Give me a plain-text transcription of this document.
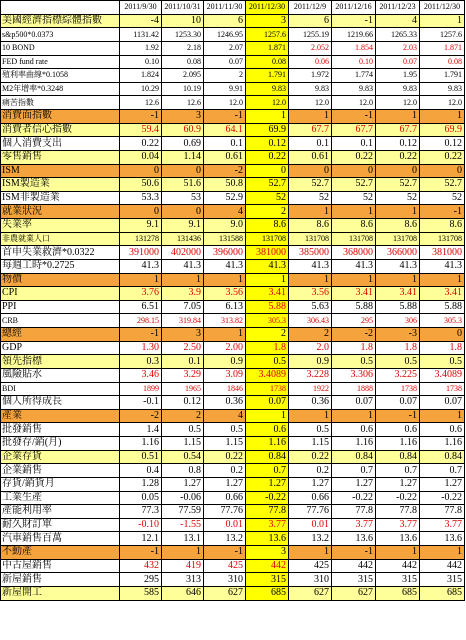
	2011/9/30	2011/10/31	2011/11/30	2011/12/30	2011/12/9	2011/12/16	2011/12/23	2011/12/30
美國經濟指標綜體指數	-4	10	6	3	6	-1	4	1
s&p500*0.0373	1131.42	1253.30	1246.95	1257.6	1255.19	1219.66	1265.33	1257.6
10 BOND	1.92	2.18	2.07	1.871	2.052	1.854	2.03	1.871
FED fund rate	0.10	0.08	0.07	0.08	0.06	0.10	0.07	0.08
殖利率曲線*0.1058	1.824	2.095	2	1.791	1.972	1.774	1.95	1.791
M2年增率*0.3248	10.29	10.19	9.91	9.83	9.83	9.83	9.83	9.83
痛苦指數	12.6	12.6	12.0	12.0	12.0	12.0	12.0	12.0
消費面指數	-1	3	-1	1	1	-1	1	1
消費者信心指數	59.4	60.9	64.1	69.9	67.7	67.7	67.7	69.9
個人消費支出	0.22	0.69	0.1	0.12	0.1	0.1	0.12	0.12
零售銷售	0.04	1.14	0.61	0.22	0.61	0.22	0.22	0.22
ISM	0	0	-2	0	0	0	0	0
ISM製造業	50.6	51.6	50.8	52.7	52.7	52.7	52.7	52.7
ISM非製造業	53.3	53	52.9	52	52	52	52	52
就業狀況	0	0	4	2	1	1	1	-1
失業率	9.1	9.1	9.0	8.6	8.6	8.6	8.6	8.6
非農就業人口	131278	131436	131588	131708	131708	131708	131708	131708
首申失業救濟*0.0322	391000	402000	396000	381000	385000	368000	366000	381000
每週工時*0.2725	41.3	41.3	41.3	41.3	41.3	41.3	41.3	41.3
物價	1	1	1	1	1	1	1	1
CPI	3.76	3.9	3.56	3.41	3.56	3.41	3.41	3.41
PPI	6.51	7.05	6.13	5.88	5.63	5.88	5.88	5.88
CRB	298.15	319.84	313.82	305.3	306.43	295	306	305.3
總經	-1	3	1	2	2	-2	-3	0
GDP	1.30	2.50	2.00	1.8	2.0	1.8	1.8	1.8
領先指標	0.3	0.1	0.9	0.5	0.9	0.5	0.5	0.5
風險貼水	3.46	3.29	3.09	3.4089	3.228	3.306	3.225	3.4089
BDI	1899	1965	1846	1738	1922	1888	1738	1738
個人所得成長	-0.1	0.12	0.36	0.07	0.36	0.07	0.07	0.07
產業	-2	2	4	1	1	1	-1	1
批發銷售	1.4	0.5	0.5	0.6	0.5	0.6	0.6	0.6
批發存/銷(月)	1.16	1.15	1.15	1.16	1.15	1.16	1.16	1.16
企業存貨	0.51	0.54	0.22	0.84	0.22	0.84	0.84	0.84
企業銷售	0.4	0.8	0.2	0.7	0.2	0.7	0.7	0.7
存貨/銷貨月	1.28	1.27	1.27	1.27	1.27	1.27	1.27	1.27
工業生產	0.05	-0.06	0.66	-0.22	0.66	-0.22	-0.22	-0.22
產能利用率	77.3	77.59	77.76	77.8	77.76	77.8	77.8	77.8
耐久財訂單	-0.10	-1.55	0.01	3.77	0.01	3.77	3.77	3.77
汽車銷售百萬	12.1	13.1	13.2	13.6	13.2	13.6	13.6	13.6
不動產	-1	1	-1	3	1	-1	1	1
中古屋銷售	432	419	425	442	425	442	442	442
新屋銷售	295	313	310	315	310	315	315	315
新屋開工	585	646	627	685	627	627	685	685
